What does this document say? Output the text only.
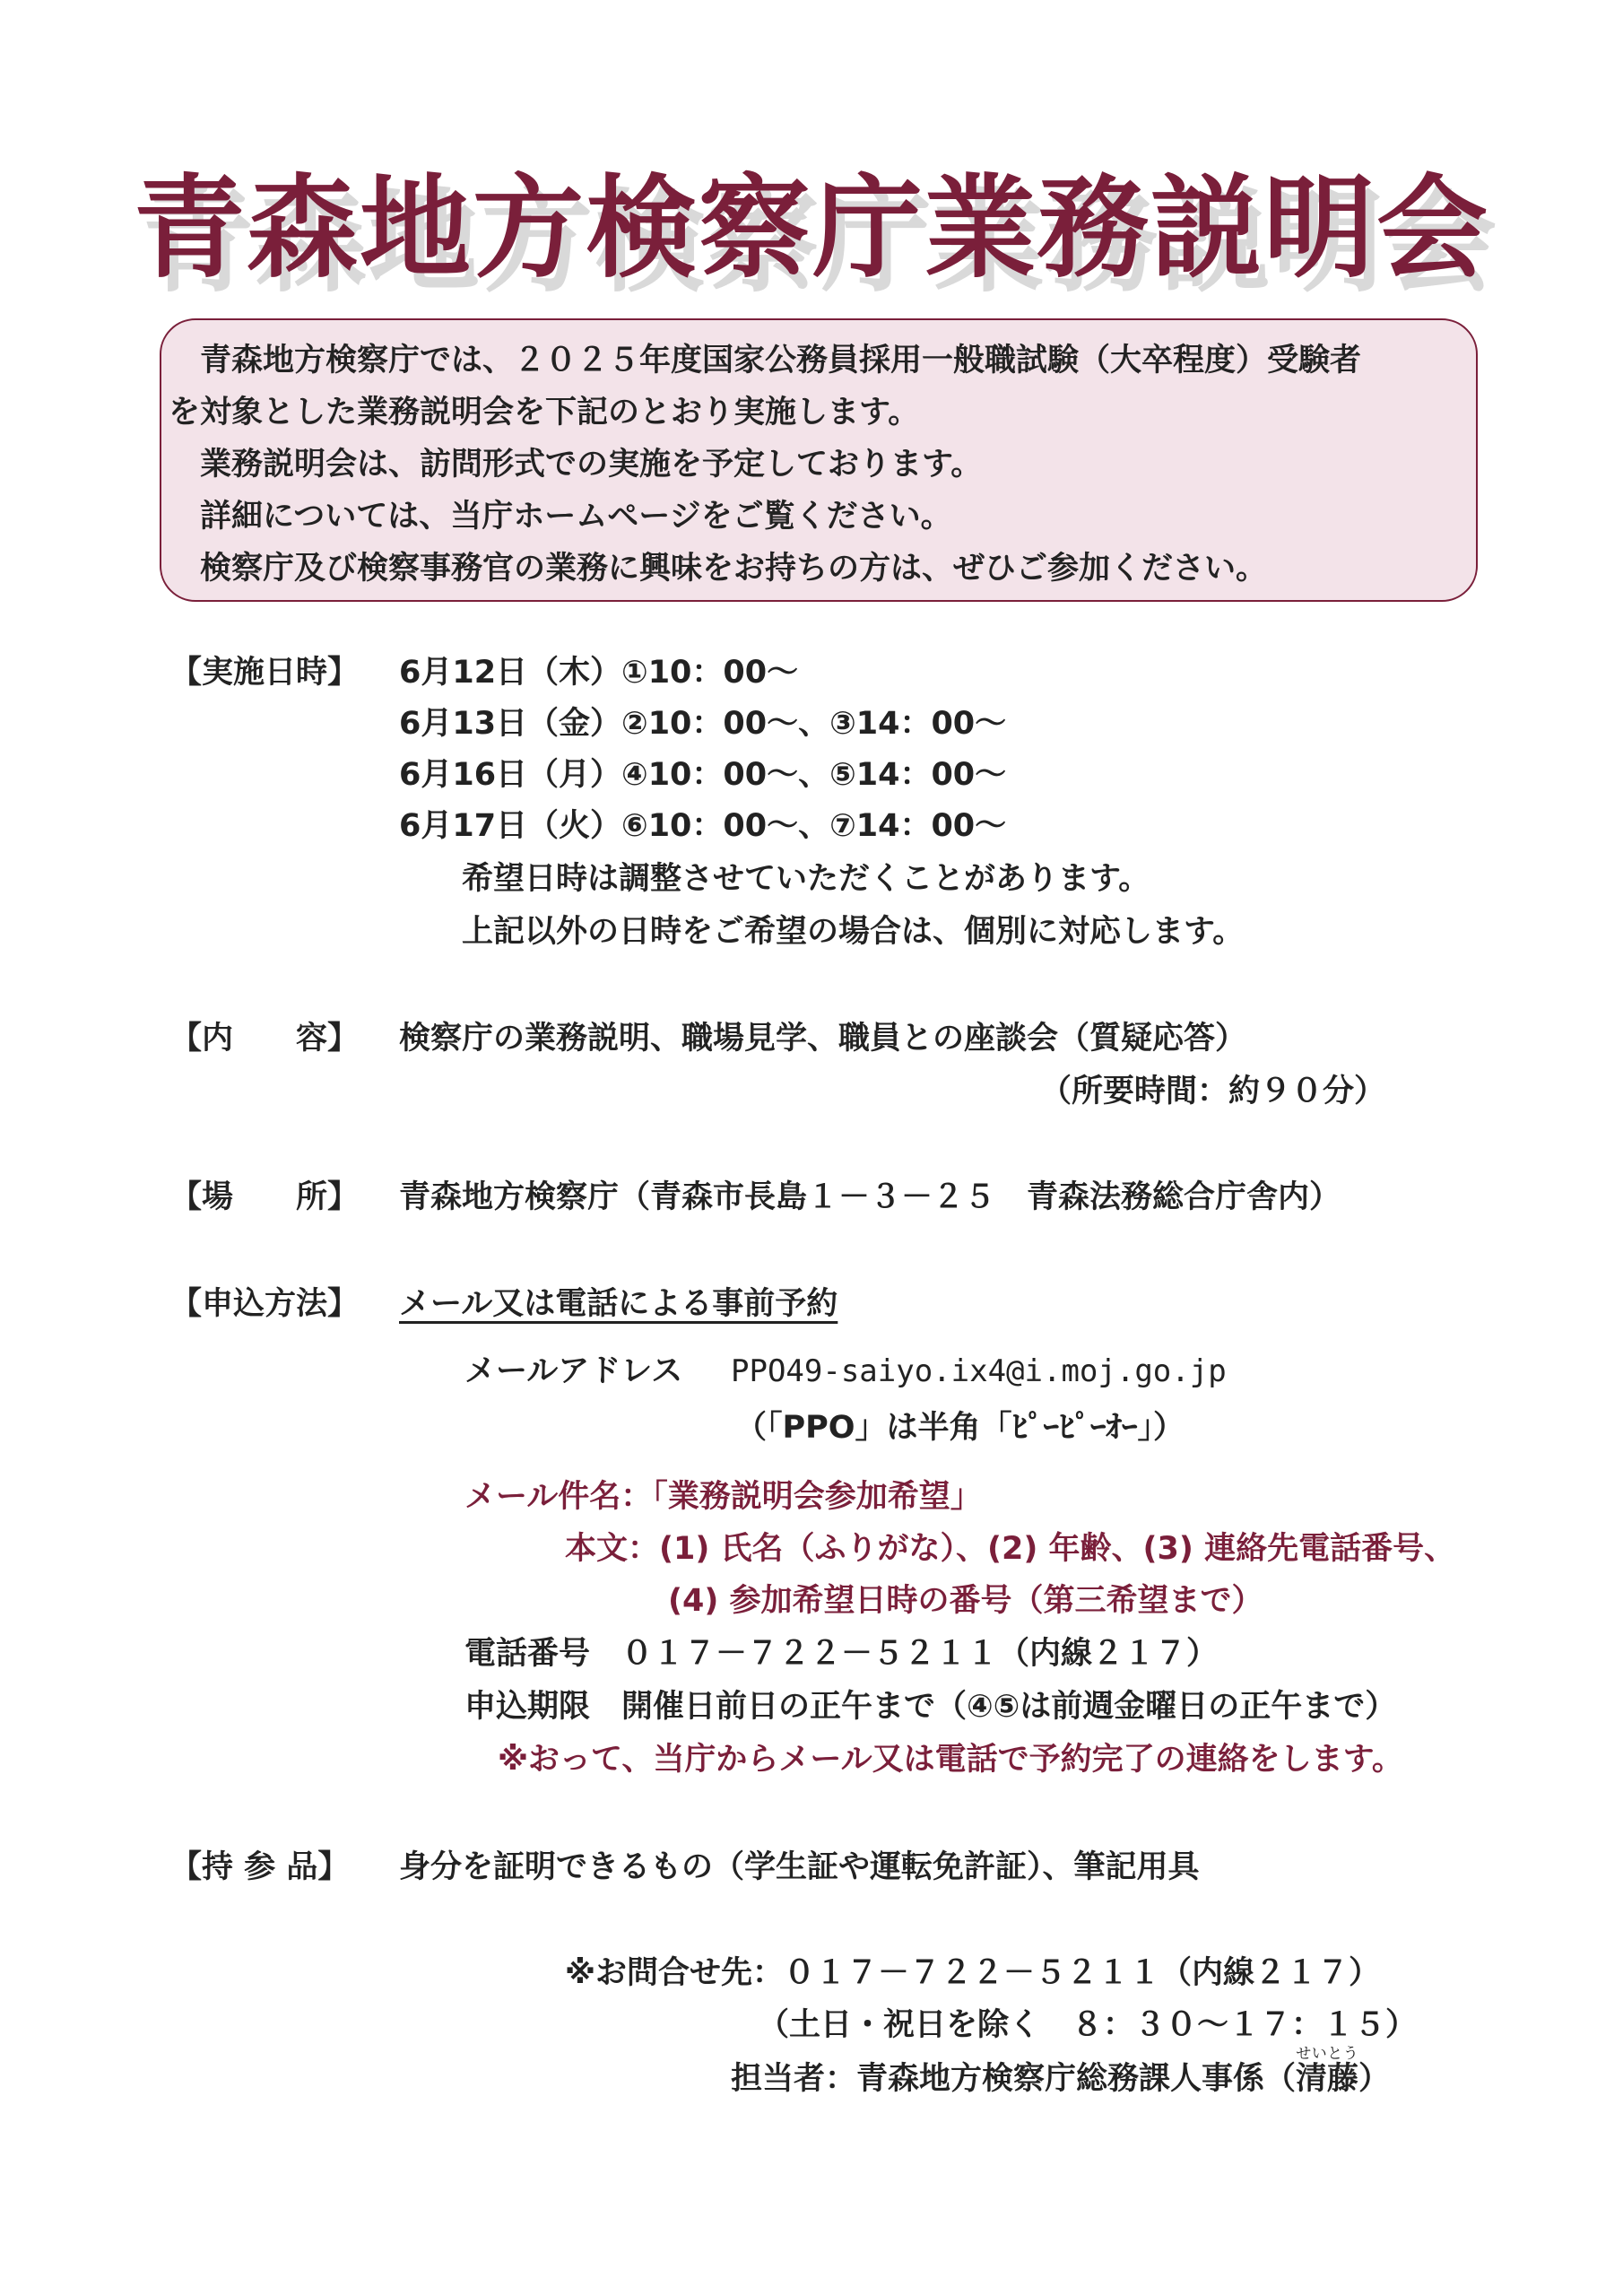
青森地方検察庁業務説明会

　青森地方検察庁では、２０２５年度国家公務員採用一般職試験（大卒程度）受験者

を対象とした業務説明会を下記のとおり実施します。

　業務説明会は、訪問形式での実施を予定しております。

　詳細については、当庁ホームページをご覧ください。

　検察庁及び検察事務官の業務に興味をお持ちの方は、ぜひご参加ください。

【実施日時】 6月12日（木）①10：00～
6月13日（金）②10：00～、③14：00～
6月16日（月）④10：00～、⑤14：00～
6月17日（火）⑥10：00～、⑦14：00～
希望日時は調整させていただくことがあります。
上記以外の日時をご希望の場合は、個別に対応します。
【内　　容】 検察庁の業務説明、職場見学、職員との座談会（質疑応答）
（所要時間：約９０分）
【場　　所】 青森地方検察庁（青森市長島１－３－２５　青森法務総合庁舎内）
【申込方法】 メール又は電話による事前予約
メールアドレス PPO49-saiyo.ix4@i.moj.go.jp
（「PPO」は半角「ﾋﾟｰﾋﾟｰｵｰ」）
メール件名：「業務説明会参加希望」
本文：(1) 氏名（ふりがな）、(2) 年齢、(3) 連絡先電話番号、
(4) 参加希望日時の番号（第三希望まで）
電話番号　０１７－７２２－５２１１（内線２１７）
申込期限　開催日前日の正午まで（④⑤は前週金曜日の正午まで）
※おって、当庁からメール又は電話で予約完了の連絡をします。
【持 参 品】 身分を証明できるもの（学生証や運転免許証）、筆記用具
※お問合せ先：０１７－７２２－５２１１（内線２１７）
（土日・祝日を除く　８：３０～１７：１５）
担当者：青森地方検察庁総務課人事係（清藤せいとう）
